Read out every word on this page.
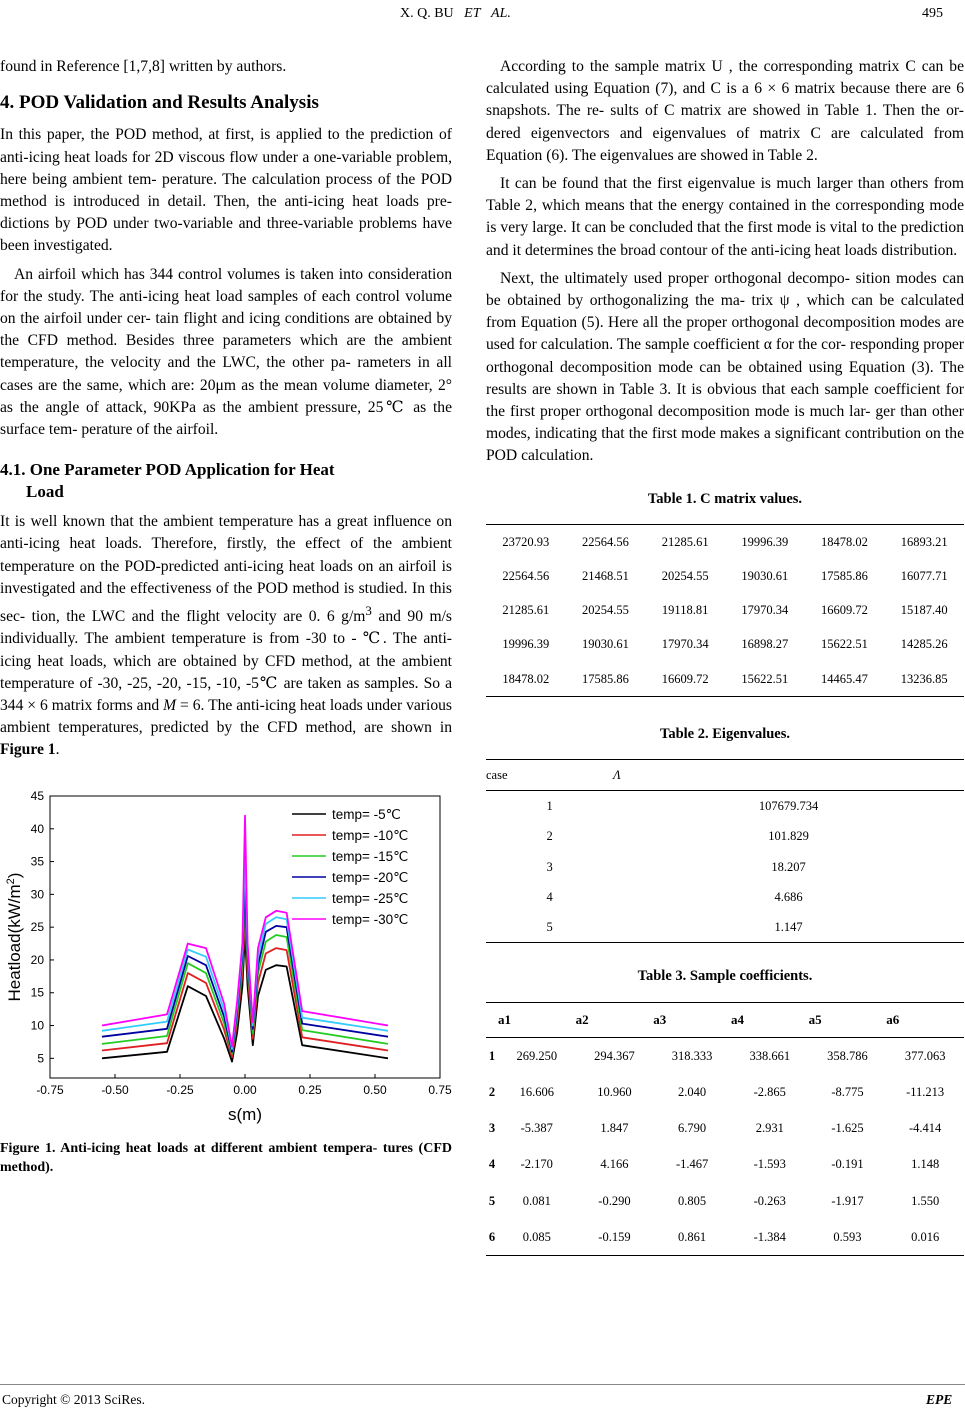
X. Q. BU ET AL.	495

found in Reference [1,7,8] written by authors.

4. POD Validation and Results Analysis

In this paper, the POD method, at first, is applied to the prediction of anti-icing heat loads for 2D viscous flow under a one-variable problem, here being ambient tem- perature. The calculation process of the POD method is introduced in detail. Then, the anti-icing heat loads pre- dictions by POD under two-variable and three-variable problems have been investigated.

An airfoil which has 344 control volumes is taken into consideration for the study. The anti-icing heat load samples of each control volume on the airfoil under cer- tain flight and icing conditions are obtained by the CFD method. Besides three parameters which are the ambient temperature, the velocity and the LWC, the other pa- rameters in all cases are the same, which are: 20μm as the mean volume diameter, 2° as the angle of attack, 90KPa as the ambient pressure, 25℃ as the surface tem- perature of the airfoil.

4.1. One Parameter POD Application for Heat
Load

It is well known that the ambient temperature has a great influence on anti-icing heat loads. Therefore, firstly, the effect of the ambient temperature on the POD-predicted anti-icing heat loads on an airfoil is investigated and the effectiveness of the POD method is studied. In this sec- tion, the LWC and the flight velocity are 0. 6 $g/m^3$ and 90 m/s individually. The ambient temperature is from -30 to - ℃. The anti-icing heat loads, which are obtained by CFD method, at the ambient temperature of -30, -25, -20, -15, -10, -5℃ are taken as samples. So a 344 × 6 matrix forms and M = 6. The anti-icing heat loads under various ambient temperatures, predicted by the CFD method, are shown in Figure 1.

-0.75	-0.50	-0.25	0.00	0.25	0.50	0.75
5
10
15
20
25
30
35
40
45
s(m)
$Heatload(kW/m^2)$
temp= -5℃
temp= -10℃
temp= -15℃
temp= -20℃
temp= -25℃
temp= -30℃
Figure 1. Anti-icing heat loads at different ambient tempera- tures (CFD method).

According to the sample matrix U , the corresponding matrix C can be calculated using Equation (7), and C is a 6 × 6 matrix because there are 6 snapshots. The re- sults of C matrix are showed in Table 1. Then the or- dered eigenvectors and eigenvalues of matrix C are calculated from Equation (6). The eigenvalues are showed in Table 2.

It can be found that the first eigenvalue is much larger than others from Table 2, which means that the energy contained in the corresponding mode is very large. It can be concluded that the first mode is vital to the prediction and it determines the broad contour of the anti-icing heat loads distribution.

Next, the ultimately used proper orthogonal decompo- sition modes can be obtained by orthogonalizing the ma- trix ψ , which can be calculated from Equation (5). Here all the proper orthogonal decomposition modes are used for calculation. The sample coefficient α for the cor- responding proper orthogonal decomposition mode can be obtained using Equation (3). The results are shown in Table 3. It is obvious that each sample coefficient for the first proper orthogonal decomposition mode is much lar- ger than other modes, indicating that the first mode makes a significant contribution on the POD calculation.

Table 1. C matrix values.
23720.93	22564.56	21285.61	19996.39	18478.02	16893.21
22564.56	21468.51	20254.55	19030.61	17585.86	16077.71
21285.61	20254.55	19118.81	17970.34	16609.72	15187.40
19996.39	19030.61	17970.34	16898.27	15622.51	14285.26
18478.02	17585.86	16609.72	15622.51	14465.47	13236.85
Table 2. Eigenvalues.
case	Λ
1	107679.734
2	101.829
3	18.207
4	4.686
5	1.147
Table 3. Sample coefficients.
	a1	a2	a3	a4	a5	a6
1	269.250	294.367	318.333	338.661	358.786	377.063
2	16.606	10.960	2.040	-2.865	-8.775	-11.213
3	-5.387	1.847	6.790	2.931	-1.625	-4.414
4	-2.170	4.166	-1.467	-1.593	-0.191	1.148
5	0.081	-0.290	0.805	-0.263	-1.917	1.550
6	0.085	-0.159	0.861	-1.384	0.593	0.016
Copyright © 2013 SciRes.	EPE
